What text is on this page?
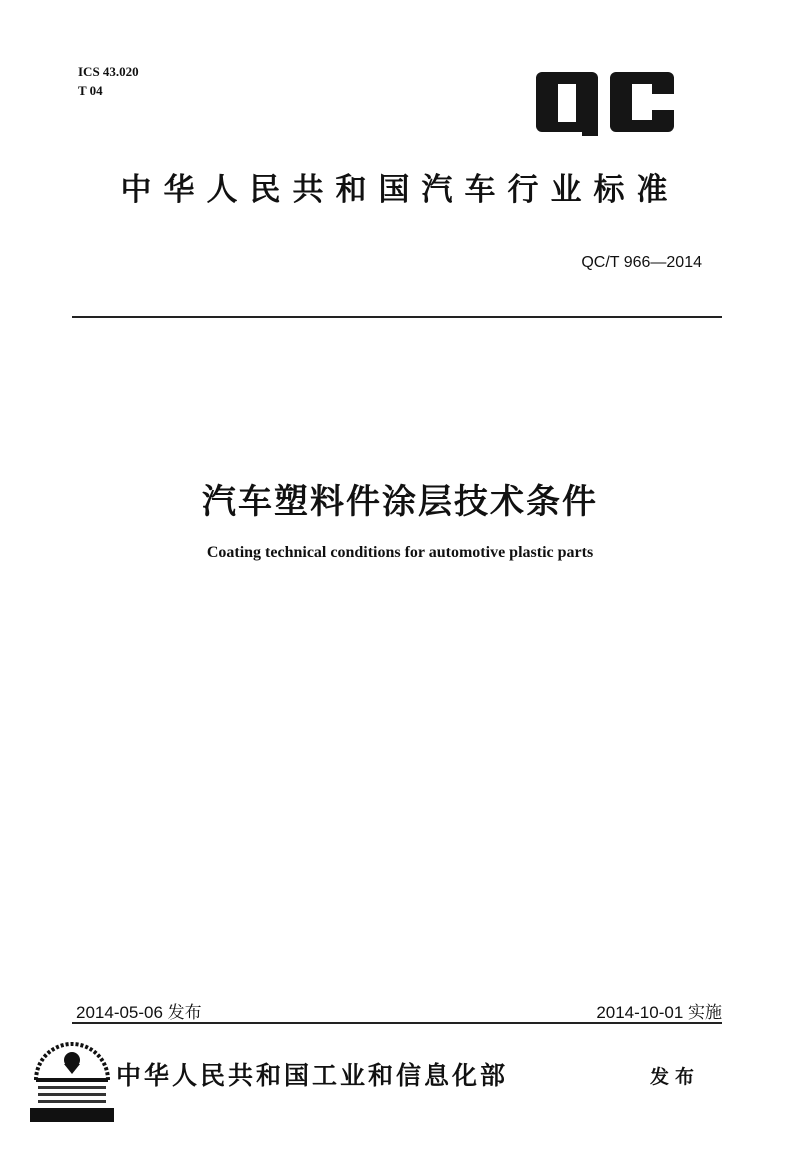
ICS 43.020
T 04
中华人民共和国汽车行业标准
QC/T 966—2014
汽车塑料件涂层技术条件
Coating technical conditions for automotive plastic parts
2014-05-06 发布	2014-10-01 实施
中华人民共和国工业和信息化部	发布
